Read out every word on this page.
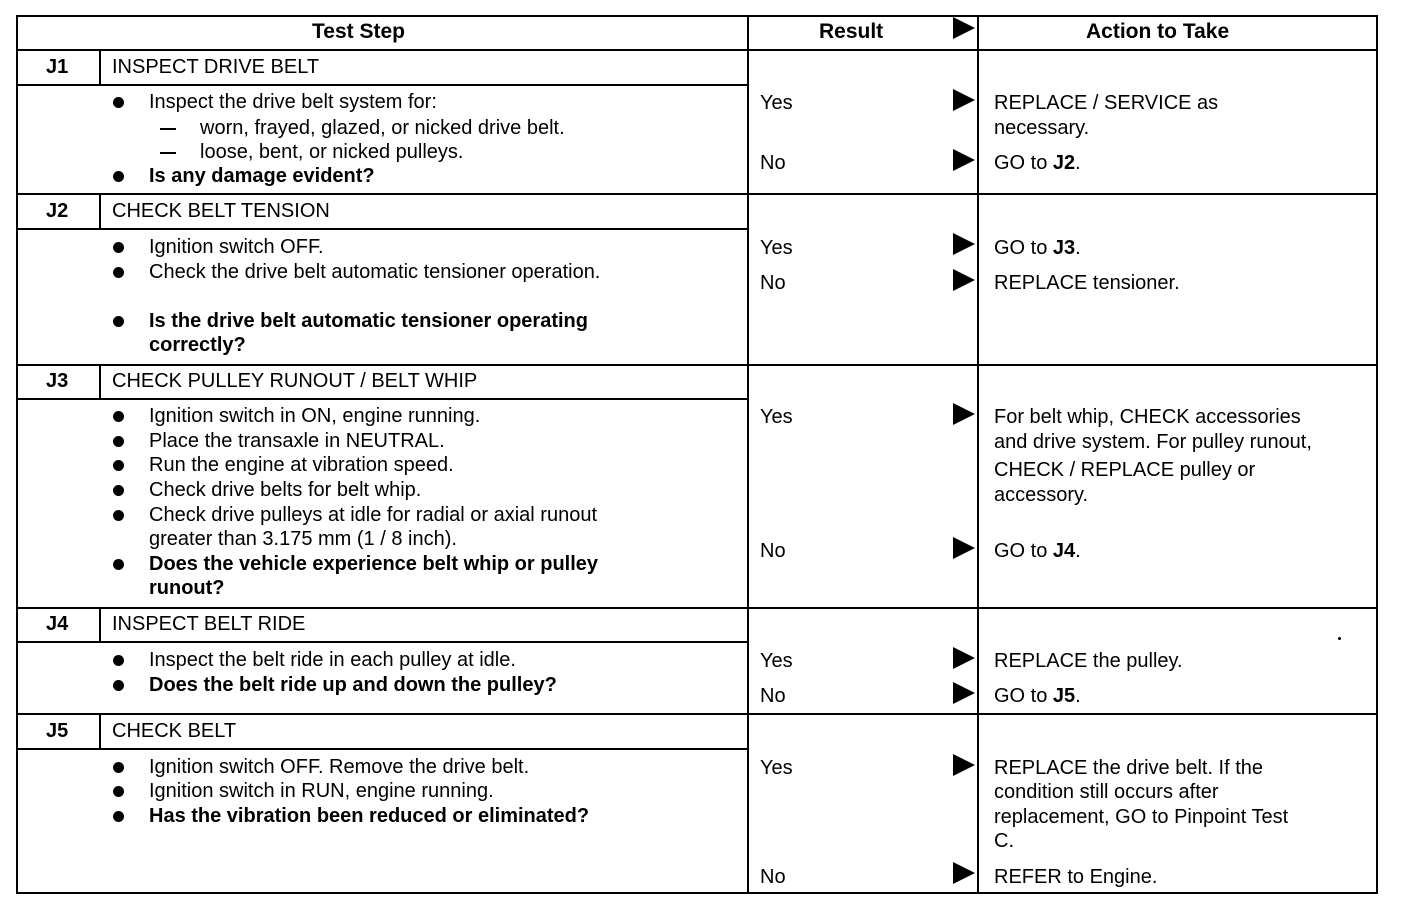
Test Step	Result	Action to Take
J1 INSPECT DRIVE BELT
Inspect the drive belt system for:
worn, frayed, glazed, or nicked drive belt.
loose, bent, or nicked pulleys.
Is any damage evident?
Yes	REPLACE / SERVICE as
necessary.
No	GO to J2.
J2 CHECK BELT TENSION
Ignition switch OFF.
Check the drive belt automatic tensioner operation.
Is the drive belt automatic tensioner operating
correctly?
Yes	GO to J3.
No	REPLACE tensioner.
J3 CHECK PULLEY RUNOUT / BELT WHIP
Ignition switch in ON, engine running.
Place the transaxle in NEUTRAL.
Run the engine at vibration speed.
Check drive belts for belt whip.
Check drive pulleys at idle for radial or axial runout
greater than 3.175 mm (1 / 8 inch).
Does the vehicle experience belt whip or pulley
runout?
Yes	For belt whip, CHECK accessories
and drive system. For pulley runout,
CHECK / REPLACE pulley or
accessory.
No	GO to J4.
J4 INSPECT BELT RIDE
Inspect the belt ride in each pulley at idle.
Does the belt ride up and down the pulley?
Yes	REPLACE the pulley.
No	GO to J5.
J5 CHECK BELT
Ignition switch OFF. Remove the drive belt.
Ignition switch in RUN, engine running.
Has the vibration been reduced or eliminated?
Yes	REPLACE the drive belt. If the
condition still occurs after
replacement, GO to Pinpoint Test
C.
No	REFER to Engine.
